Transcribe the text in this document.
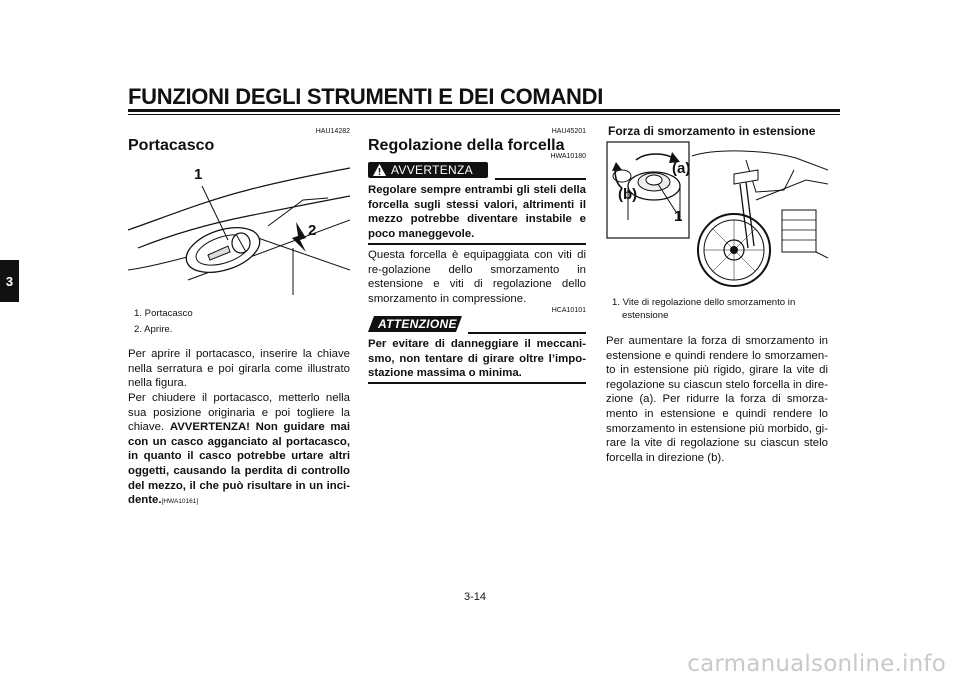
FUNZIONI DEGLI STRUMENTI E DEI COMANDI
3
HAU14282
Portacasco
1
2
1. Portacasco
2. Aprire.
Per aprire il portacasco, inserire la chiave nella serratura e poi girarla come illustrato nella figura.
Per chiudere il portacasco, metterlo nella sua posizione originaria e poi togliere la chiave. AVVERTENZA! Non guidare mai con un casco agganciato al portacasco, in quanto il casco potrebbe urtare altri oggetti, causando la perdita di controllo del mezzo, il che può risultare in un inci-dente.[HWA10161]
HAU45201
Regolazione della forcella
HWA10180
AVVERTENZA
Regolare sempre entrambi gli steli della forcella sugli stessi valori, altrimenti il mezzo potrebbe diventare instabile e poco maneggevole.
Questa forcella è equipaggiata con viti di re-golazione dello smorzamento in estensione e viti di regolazione dello smorzamento in compressione.
HCA10101
ATTENZIONE
Per evitare di danneggiare il meccani-smo, non tentare di girare oltre l’impo-stazione massima o minima.
Forza di smorzamento in estensione
(a)
(b)
1
1. Vite di regolazione dello smorzamento in estensione
Per aumentare la forza di smorzamento in estensione e quindi rendere lo smorzamen-to in estensione più rigido, girare la vite di regolazione su ciascun stelo forcella in dire-zione (a). Per ridurre la forza di smorza-mento in estensione e quindi rendere lo smorzamento in estensione più morbido, gi-rare la vite di regolazione su ciascun stelo forcella in direzione (b).
3-14
carmanualsonline.info
